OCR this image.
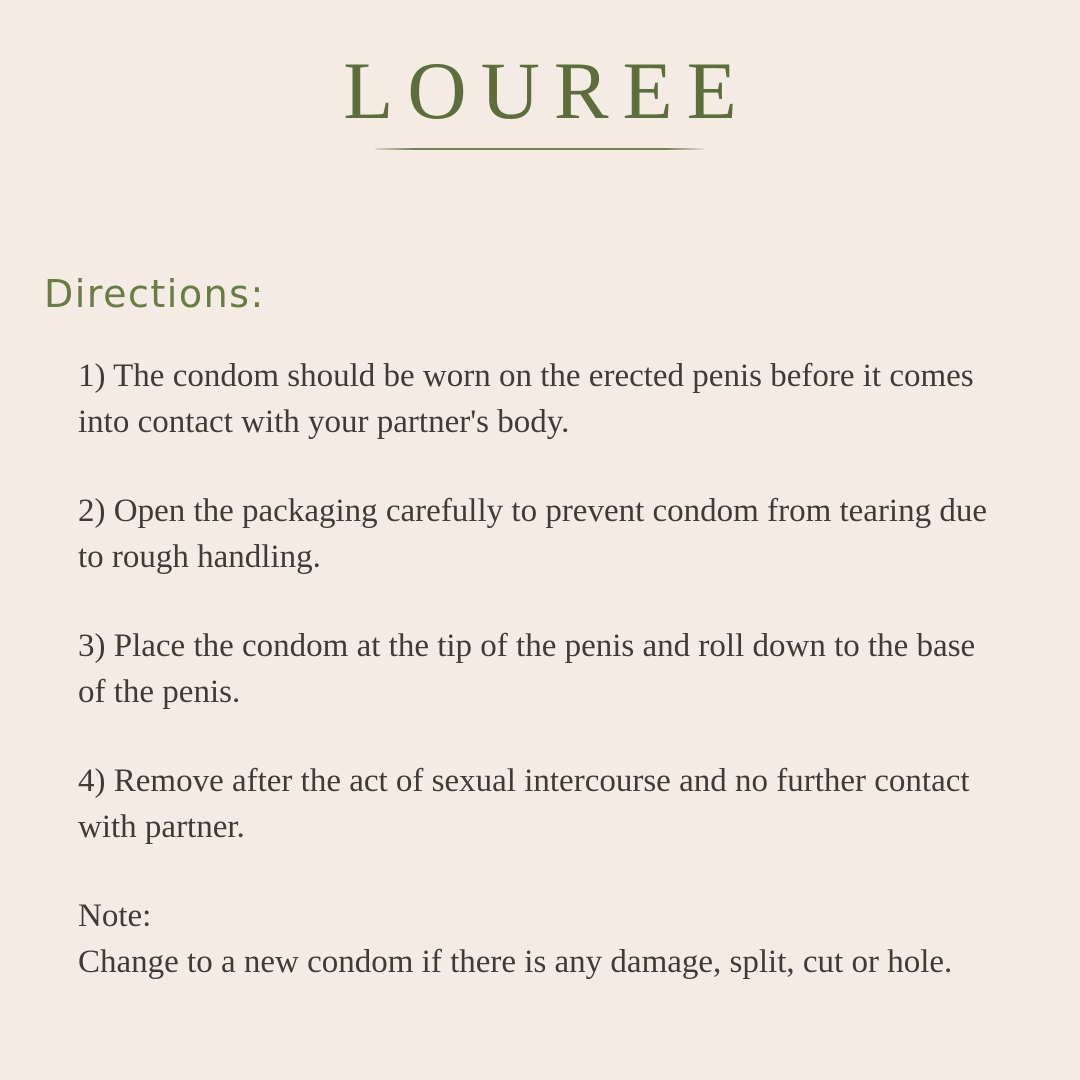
LOUREE
Directions:
1) The condom should be worn on the erected penis before it comes into contact with your partner's body.
2) Open the packaging carefully to prevent condom from tearing due to rough handling.
3) Place the condom at the tip of the penis and roll down to the base of the penis.
4) Remove after the act of sexual intercourse and no further contact with partner.

Note:

Change to a new condom if there is any damage, split, cut or hole.
